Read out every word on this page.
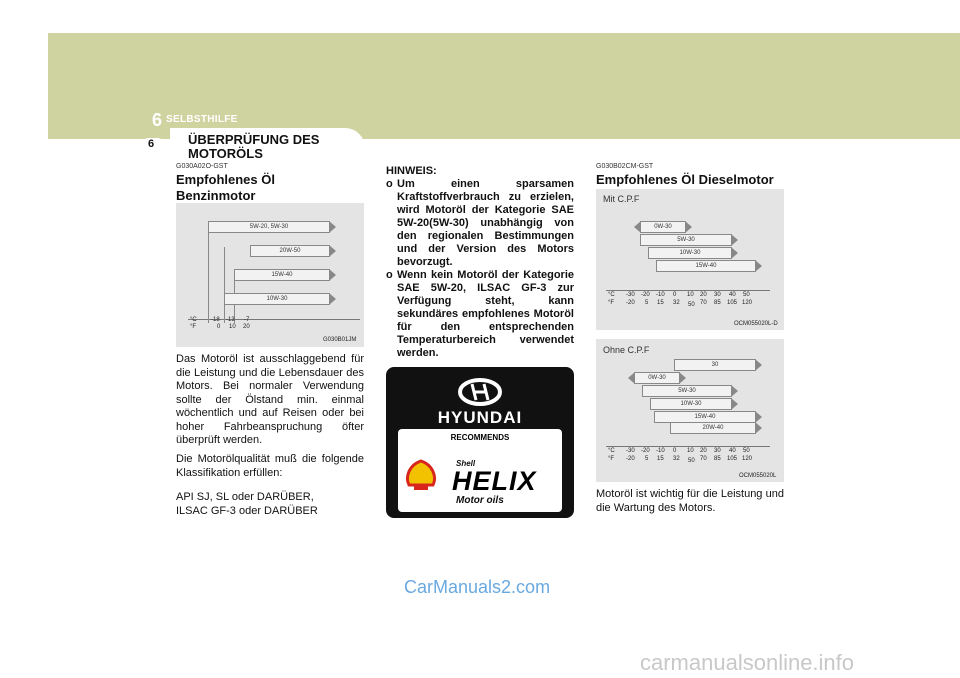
6 SELBSTHILFE
6	ÜBERPRÜFUNG DES MOTORÖLS
G030A02O-GST
Empfohlenes Öl Benzinmotor
5W-20, 5W-30
20W-50
15W-40
10W-30
°C
°F
-18 -13 -7
0 10 20
G030B01JM
Das Motoröl ist ausschlaggebend für die Leistung und die Lebensdauer des Motors. Bei normaler Verwendung sollte der Ölstand min. einmal wöchentlich und auf Reisen oder bei hoher Fahrbeanspruchung öfter überprüft werden.
Die Motorölqualität muß die folgende Klassifikation erfüllen:
API SJ, SL oder DARÜBER,
ILSAC GF-3 oder DARÜBER
HINWEIS:
o Um einen sparsamen Kraftstoffverbrauch zu erzielen, wird Motoröl der Kategorie SAE 5W-20(5W-30) unabhängig von den regionalen Bestimmungen und der Version des Motors bevorzugt.
o Wenn kein Motoröl der Kategorie SAE 5W-20, ILSAC GF-3 zur Verfügung steht, kann sekundäres empfohlenes Motoröl für den entsprechenden Temperaturbereich verwendet werden.
HYUNDAI
RECOMMENDS
Shell
HELIX
Motor oils
G030B02CM-GST
Empfohlenes Öl Dieselmotor
Mit C.P.F
0W-30
5W-30
10W-30
15W-40
°C
°F
-30 -20 -10 0 10 20 30 40 50
-20 5 15 32 50 70 85 105 120
OCM055020L-D
Ohne C.P.F
30
0W-30
5W-30
10W-30
15W-40
20W-40
°C
°F
-30 -20 -10 0 10 20 30 40 50
-20 5 15 32 50 70 85 105 120
OCM055020L
Motoröl ist wichtig für die Leistung und die Wartung des Motors.
CarManuals2.com
carmanualsonline.info
